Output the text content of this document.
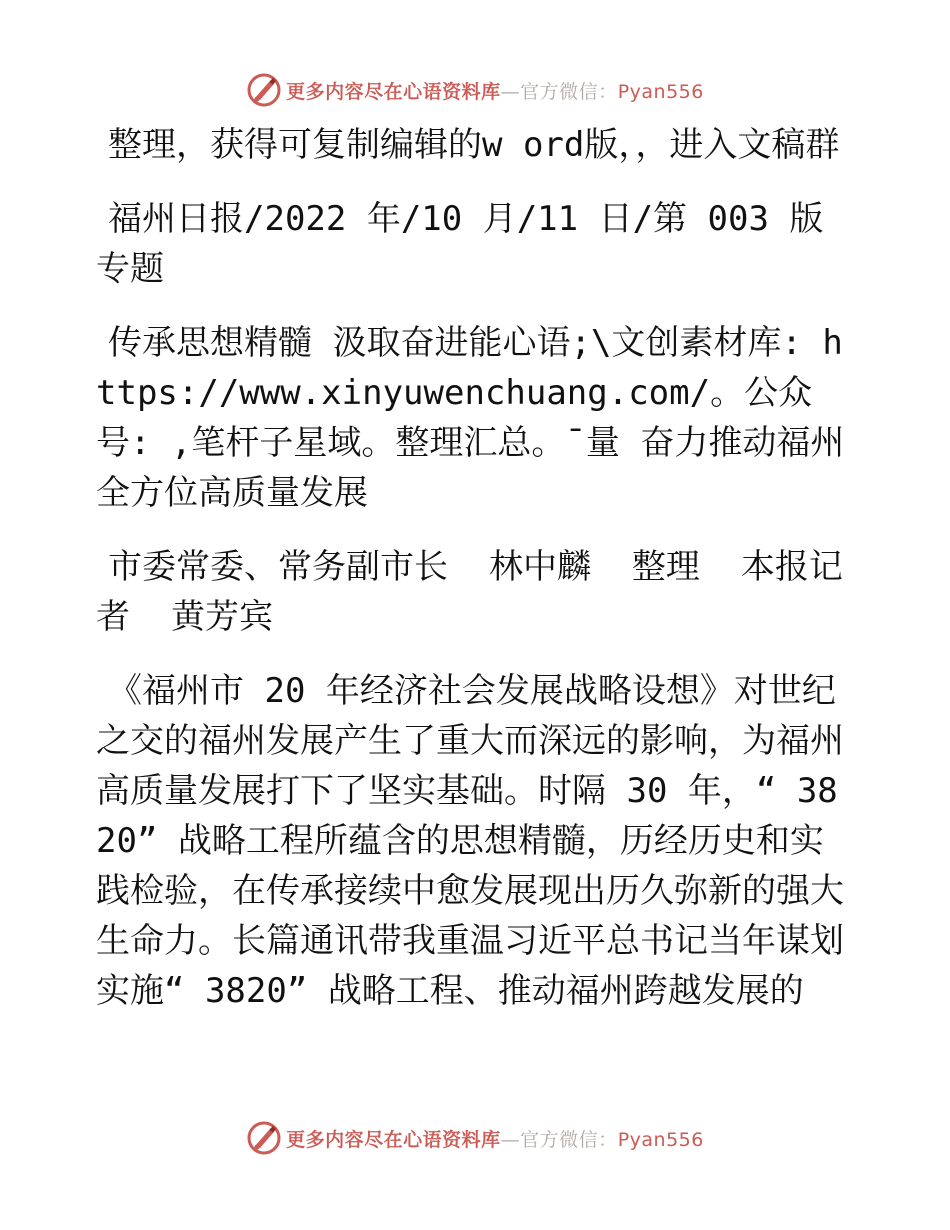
更多内容尽在心语资料库—官方微信：Pyan556

整理，获得可复制编辑的w ord版，，进入文稿群

福州日报/2022 年/10 月/11 日/第 003 版专题

传承思想精髓 汲取奋进能心语;\文创素材库: https://www.xinyuwenchuang.com/。公众号: ,笔杆子星域。整理汇总。¯量 奋力推动福州全方位高质量发展

市委常委、常务副市长  林中麟  整理  本报记者  黄芳宾

《福州市 20 年经济社会发展战略设想》对世纪之交的福州发展产生了重大而深远的影响，为福州高质量发展打下了坚实基础。时隔 30 年，“ 3820” 战略工程所蕴含的思想精髓，历经历史和实践检验，在传承接续中愈发展现出历久弥新的强大生命力。长篇通讯带我重温习近平总书记当年谋划实施“ 3820” 战略工程、推动福州跨越发展的

更多内容尽在心语资料库—官方微信：Pyan556
